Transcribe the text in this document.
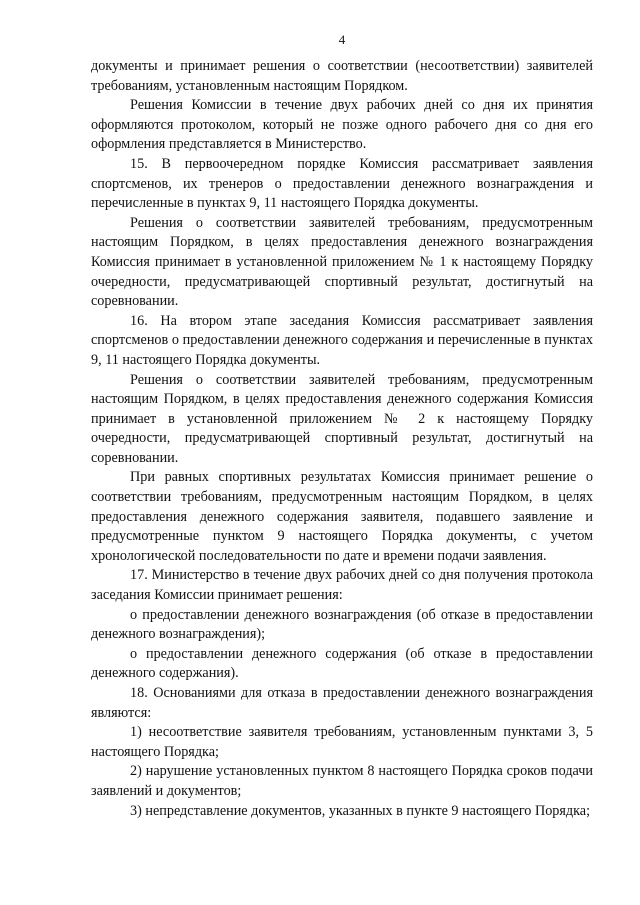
4

документы и принимает решения о соответствии (несоответствии) заявителей требованиям, установленным настоящим Порядком.

Решения Комиссии в течение двух рабочих дней со дня их принятия оформляются протоколом, который не позже одного рабочего дня со дня его оформления представляется в Министерство.

15. В первоочередном порядке Комиссия рассматривает заявления спортсменов, их тренеров о предоставлении денежного вознаграждения и перечисленные в пунктах 9, 11 настоящего Порядка документы.

Решения о соответствии заявителей требованиям, предусмотренным настоящим Порядком, в целях предоставления денежного вознаграждения Комиссия принимает в установленной приложением № 1 к настоящему Порядку очередности, предусматривающей спортивный результат, достигнутый на соревновании.

16. На втором этапе заседания Комиссия рассматривает заявления спортсменов о предоставлении денежного содержания и перечисленные в пунктах 9, 11 настоящего Порядка документы.

Решения о соответствии заявителей требованиям, предусмотренным настоящим Порядком, в целях предоставления денежного содержания Комиссия принимает в установленной приложением № 2 к настоящему Порядку очередности, предусматривающей спортивный результат, достигнутый на соревновании.

При равных спортивных результатах Комиссия принимает решение о соответствии требованиям, предусмотренным настоящим Порядком, в целях предоставления денежного содержания заявителя, подавшего заявление и предусмотренные пунктом 9 настоящего Порядка документы, с учетом хронологической последовательности по дате и времени подачи заявления.

17. Министерство в течение двух рабочих дней со дня получения протокола заседания Комиссии принимает решения:

о предоставлении денежного вознаграждения (об отказе в предоставлении денежного вознаграждения);

о предоставлении денежного содержания (об отказе в предоставлении денежного содержания).

18. Основаниями для отказа в предоставлении денежного вознаграждения являются:

1) несоответствие заявителя требованиям, установленным пунктами 3, 5 настоящего Порядка;

2) нарушение установленных пунктом 8 настоящего Порядка сроков подачи заявлений и документов;

3) непредставление документов, указанных в пункте 9 настоящего Порядка;
